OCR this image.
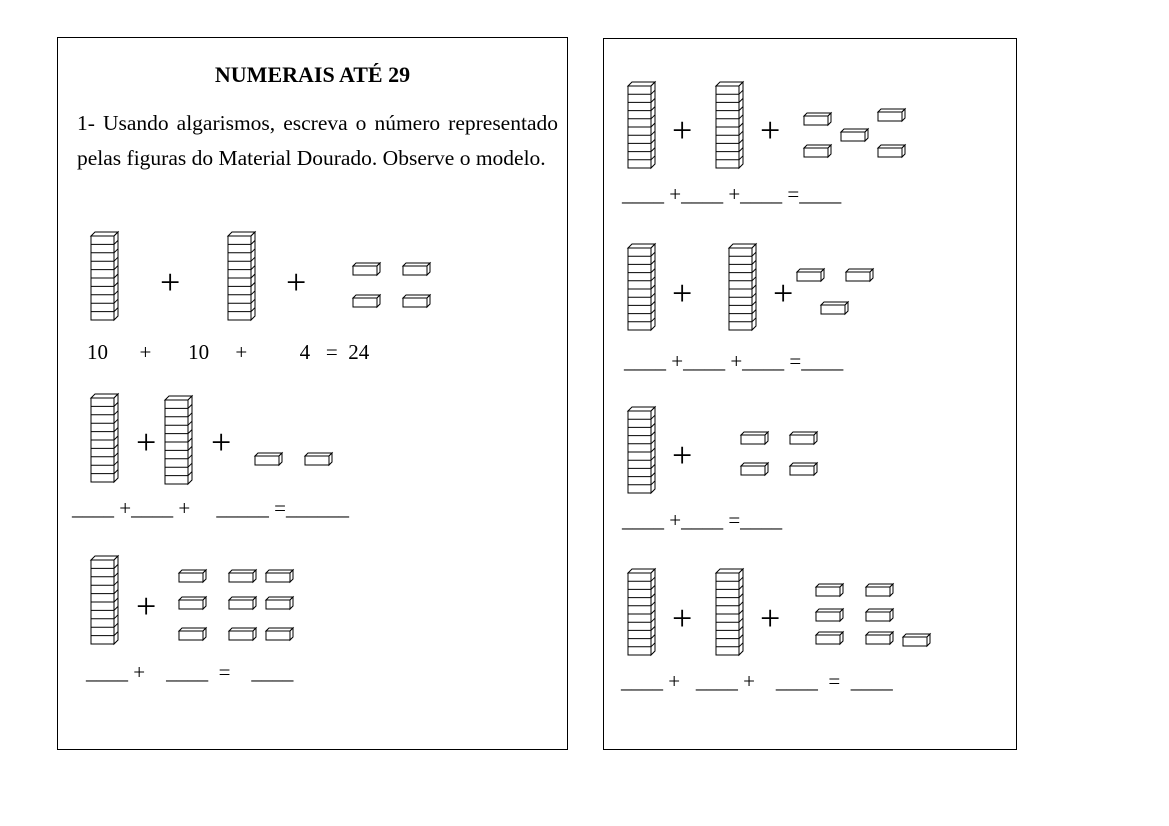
NUMERAIS ATÉ 29

1- Usando algarismos, escreva o número representado pelas figuras do Material Dourado. Observe o modelo.

10      +       10     +          4   =  24
____ +____ +     _____ =______
____ +    ____  =    ____
____ +____ +____ =____
____ +____ +____ =____
____ +____ =____
____ +   ____ +    ____  =  ____
+	+
+ +
+
+ +
+ +
+
+ +
